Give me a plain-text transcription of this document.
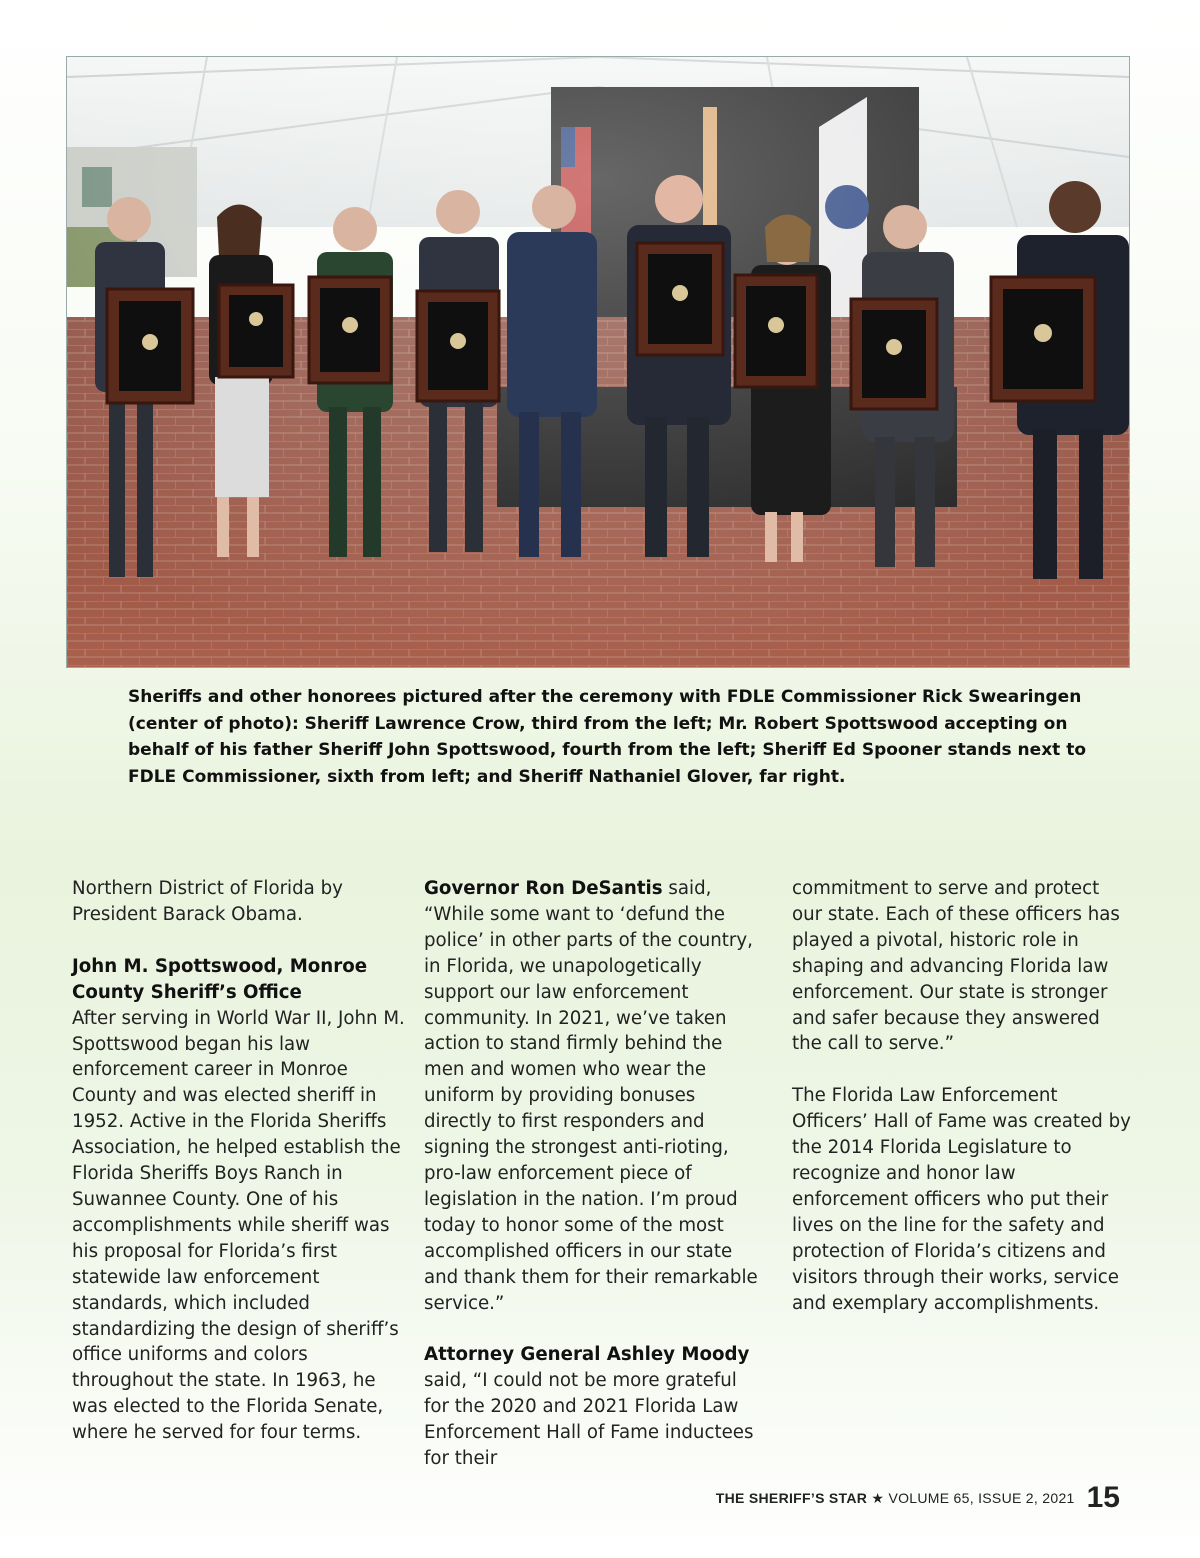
Sheriffs and other honorees pictured after the ceremony with FDLE Commissioner Rick Swearingen (center of photo): Sheriff Lawrence Crow, third from the left; Mr. Robert Spottswood accepting on behalf of his father Sheriff John Spottswood, fourth from the left; Sheriff Ed Spooner stands next to FDLE Commissioner, sixth from left; and Sheriff Nathaniel Glover, far right.

Northern District of Florida by President Barack Obama.

John M. Spottswood, Monroe County Sheriff’s Office

After serving in World War II, John M. Spottswood began his law enforcement career in Monroe County and was elected sheriff in 1952. Active in the Florida Sheriffs Association, he helped establish the Florida Sheriffs Boys Ranch in Suwannee County. One of his accomplishments while sheriff was his proposal for Florida’s first statewide law enforcement standards, which included standardizing the design of sheriff’s office uniforms and colors throughout the state. In 1963, he was elected to the Florida Senate, where he served for four terms.

Governor Ron DeSantis said, “While some want to ‘defund the police’ in other parts of the country, in Florida, we unapologetically support our law enforcement community. In 2021, we’ve taken action to stand firmly behind the men and women who wear the uniform by providing bonuses directly to first responders and signing the strongest anti-rioting, pro-law enforcement piece of legislation in the nation. I’m proud today to honor some of the most accomplished officers in our state and thank them for their remarkable service.”

Attorney General Ashley Moody said, “I could not be more grateful for the 2020 and 2021 Florida Law Enforcement Hall of Fame inductees for their

commitment to serve and protect our state. Each of these officers has played a pivotal, historic role in shaping and advancing Florida law enforcement. Our state is stronger and safer because they answered the call to serve.”

The Florida Law Enforcement Officers’ Hall of Fame was created by the 2014 Florida Legislature to recognize and honor law enforcement officers who put their lives on the line for the safety and protection of Florida’s citizens and visitors through their works, service and exemplary accomplishments.

THE SHERIFF’S STAR ★ VOLUME 65, ISSUE 2, 2021 15
